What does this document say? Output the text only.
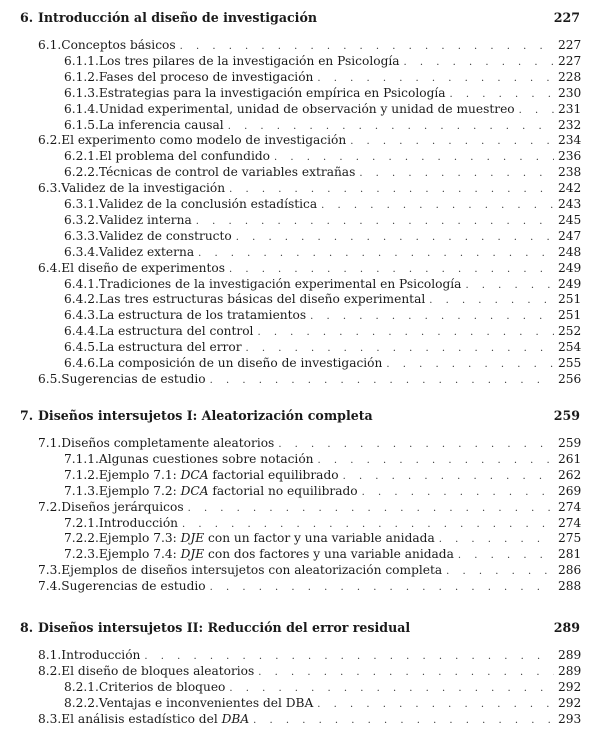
6. Introducción al diseño de investigación	227
6.1. Conceptos básicos . . .	227
6.1.1. Los tres pilares de la investigación en Psicología . . .	227
6.1.2. Fases del proceso de investigación . . .	228
6.1.3. Estrategias para la investigación empírica en Psicología . . .	230
6.1.4. Unidad experimental, unidad de observación y unidad de muestreo . . .	231
6.1.5. La inferencia causal . . .	232
6.2. El experimento como modelo de investigación . . .	234
6.2.1. El problema del confundido . . .	236
6.2.2. Técnicas de control de variables extrañas . . .	238
6.3. Validez de la investigación . . .	242
6.3.1. Validez de la conclusión estadística . . .	243
6.3.2. Validez interna . . .	245
6.3.3. Validez de constructo . . .	247
6.3.4. Validez externa . . .	248
6.4. El diseño de experimentos . . .	249
6.4.1. Tradiciones de la investigación experimental en Psicología . . .	249
6.4.2. Las tres estructuras básicas del diseño experimental . . .	251
6.4.3. La estructura de los tratamientos . . .	251
6.4.4. La estructura del control . . .	252
6.4.5. La estructura del error . . .	254
6.4.6. La composición de un diseño de investigación . . .	255
6.5. Sugerencias de estudio . . .	256
7. Diseños intersujetos I: Aleatorización completa	259
7.1. Diseños completamente aleatorios . . .	259
7.1.1. Algunas cuestiones sobre notación . . .	261
7.1.2. Ejemplo 7.1: DCA factorial equilibrado . . .	262
7.1.3. Ejemplo 7.2: DCA factorial no equilibrado . . .	269
7.2. Diseños jerárquicos . . .	274
7.2.1. Introducción . . .	274
7.2.2. Ejemplo 7.3: DJE con un factor y una variable anidada . . .	275
7.2.3. Ejemplo 7.4: DJE con dos factores y una variable anidada . . .	281
7.3. Ejemplos de diseños intersujetos con aleatorización completa . . .	286
7.4. Sugerencias de estudio . . .	288
8. Diseños intersujetos II: Reducción del error residual	289
8.1. Introducción . . .	289
8.2. El diseño de bloques aleatorios . . .	289
8.2.1. Criterios de bloqueo . . .	292
8.2.2. Ventajas e inconvenientes del DBA . . .	292
8.3. El análisis estadístico del DBA . . .	293
